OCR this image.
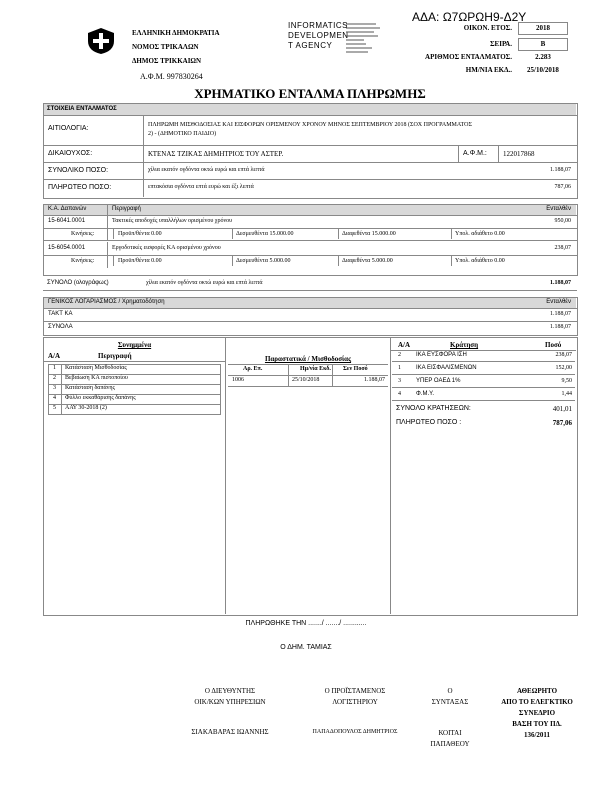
ΑΔΑ: Ω7ΩΡΩΗ9-Δ2Υ
ΕΛΛΗΝΙΚΗ ΔΗΜΟΚΡΑΤΙΑ
ΝΟΜΟΣ ΤΡΙΚΑΛΩΝ
ΔΗΜΟΣ ΤΡΙΚΚΑΙΩΝ
Α.Φ.Μ. 997830264
INFORMATICS
DEVELOPMEN
T AGENCY
ΟΙΚΟΝ. ΕΤΟΣ.	2018
ΣΕΙΡΑ.	Β
ΑΡΙΘΜΟΣ ΕΝΤΑΛΜΑΤΟΣ.	2.283
ΗΜ/ΝΙΑ ΕΚΔ..	25/10/2018
ΧΡΗΜΑΤΙΚΟ ΕΝΤΑΛΜΑ ΠΛΗΡΩΜΗΣ
ΣΤΟΙΧΕΙΑ ΕΝΤΑΛΜΑΤΟΣ
ΑΙΤΙΟΛΟΓΙΑ:	ΠΛΗΡΩΜΗ ΜΙΣΘΟΔΟΣΙΑΣ ΚΑΙ ΕΙΣΦΟΡΩΝ ΟΡΙΣΜΕΝΟΥ ΧΡΟΝΟΥ ΜΗΝΟΣ ΣΕΠΤΕΜΒΡΙΟΥ 2018 (ΣΟΧ ΠΡΟΓΡΑΜΜΑΤΟΣ
2) - (ΔΗΜΟΤΙΚΟ ΠΑΙΔΙΟ)
ΔΙΚΑΙΟΥΧΟΣ:	ΚΤΕΝΑΣ ΤΖΙΚΑΣ ΔΗΜΗΤΡΙΟΣ ΤΟΥ ΑΣΤΕΡ.	Α.Φ.Μ.: 122017868
ΣΥΝΟΛΙΚΟ ΠΟΣΟ:	χίλια εκατόν ογδόντα οκτώ ευρώ και επτά λεπτά	1.188,07
ΠΛΗΡΩΤΕΟ ΠΟΣΟ:	επτακόσια ογδόντα επτά ευρώ και έξι λεπτά	787,06
Κ.Α. Δαπανών	Περιγραφή	Ενταλθέν
15-6041.0001	Τακτικές αποδοχές υπαλλήλων ορισμένου χρόνου	950,00
Κινήσεις:	Προϋπ/θέντα 0.00	Δεσμευθέντα 15.000.00	Διαφεθέντα 15.000.00	Υπολ. αδιάθετο 0.00
15-6054.0001	Εργοδοτικές εισφορές ΚΑ ορισμένου χρόνου	238,07
Κινήσεις:	Προϋπ/θέντα 0.00	Δεσμευθέντα 5.000.00	Διαφεθέντα 5.000.00	Υπολ. αδιάθετο 0.00
ΣΥΝΟΛΟ (ολογράφως)	χίλια εκατόν ογδόντα οκτώ ευρώ και επτά λεπτά	1.188,07
ΓΕΝΙΚΟΣ ΛΟΓΑΡΙΑΣΜΟΣ / Χρηματοδότηση	Ενταλθέν
ΤΑΚΤ ΚΑ	1.188,07
ΣΥΝΟΛΑ	1.188,07
Συνημμένα
Α/Α	Περιγραφή
1	Κατάσταση Μισθοδοσίας
2	Βεβαίωση ΚΑ πιστοποίου
3	Κατάσταση δαπάνης
4	Φύλλο εκκαθάρισης δαπάνης
5	ΑΑΥ 30-2018 (2)
Παραστατικά / Μισθοδοσίας
Αρ. Επ.	Ημ/νία Εκδ. Σεν Ποσό
1006	25/10/2018	1.188,07
Α/Α	Κράτηση	Ποσό
2	ΙΚΑ ΕΥΣΦΟΡΑ ΙΣΗ	238,07
1	ΙΚΑ ΕΙΣΦΑΛΙΣΜΕΝΩΝ	152,00
3	ΥΠΕΡ ΟΑΕΔ 1%	9,50
4	Φ.Μ.Υ.	1,44
ΣΥΝΟΛΟ ΚΡΑΤΗΣΕΩΝ:	401,01
ΠΛΗΡΩΤΕΟ ΠΟΣΟ :	787,06
ΠΛΗΡΩΘΗΚΕ ΤΗΝ ......./ ......./ ............
Ο ΔΗΜ. ΤΑΜΙΑΣ
Ο ΔΙΕΥΘΥΝΤΗΣ
ΟΙΚ/ΚΩΝ ΥΠΗΡΕΣΙΩΝ
ΣΙΑΚΑΒΑΡΑΣ ΙΩΑΝΝΗΣ
Ο ΠΡΟΪΣΤΑΜΕΝΟΣ
ΛΟΓΙΣΤΗΡΙΟΥ
ΠΑΠΑΔΟΠΟΥΛΟΣ ΔΗΜΗΤΡΙΟΣ
Ο
ΣΥΝΤΑΞΑΣ
ΚΟΙΤΑΙ
ΠΑΠΑΘΕΟΥ
ΑΘΕΩΡΗΤΟ
ΑΠΟ ΤΟ ΕΛΕΓΚΤΙΚΟ
ΣΥΝΕΔΡΙΟ
ΒΑΣΗ ΤΟΥ ΠΔ.
136/2011
